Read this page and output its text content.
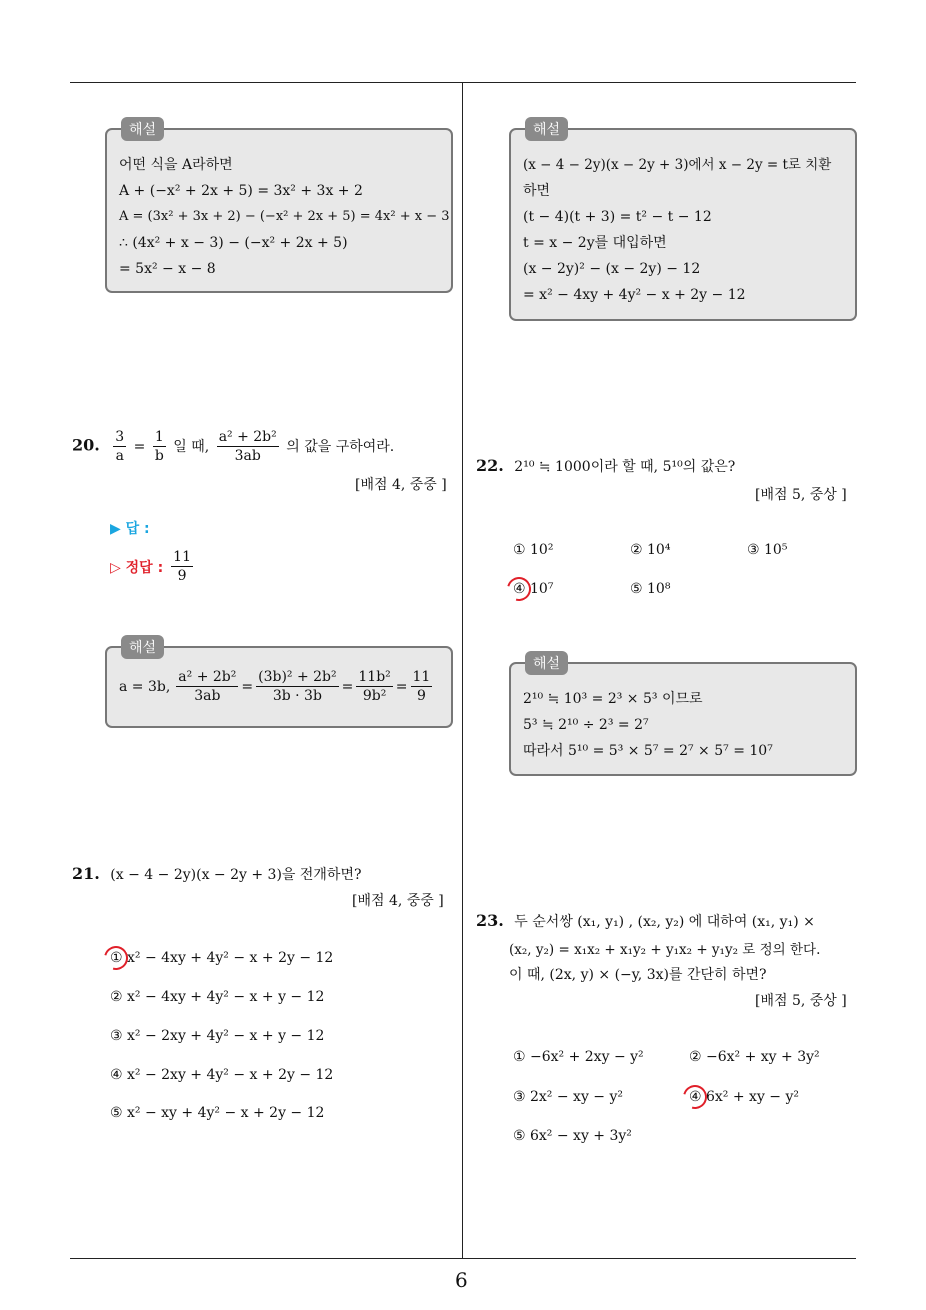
해설
어떤 식을 A라하면
A + (−x² + 2x + 5) = 3x² + 3x + 2
A = (3x² + 3x + 2) − (−x² + 2x + 5) = 4x² + x − 3
∴ (4x² + x − 3) − (−x² + 2x + 5)
= 5x² − x − 8
20. $\frac{3}{a} = \frac{1}{b}$ 일 때, $\frac{\text{a² + 2b²}}{3ab}$ 의 값을 구하여라.
[배점 4, 중중 ]
▶ 답 :
▷ 정답 : $\frac{11}{9}$
해설
a = 3b, $\frac{\text{a² + 2b²}}{3ab} = \frac{\text{(3b)² + 2b²}}{3b \cdot 3b} = \frac{\text{11b²}}{\text{9b²}} = \frac{11}{9}$
21. (x − 4 − 2y)(x − 2y + 3)을 전개하면?
[배점 4, 중중 ]
① x² − 4xy + 4y² − x + 2y − 12
② x² − 4xy + 4y² − x + y − 12
③ x² − 2xy + 4y² − x + y − 12
④ x² − 2xy + 4y² − x + 2y − 12
⑤ x² − xy + 4y² − x + 2y − 12
해설
(x − 4 − 2y)(x − 2y + 3)에서 x − 2y = t로 치환
하면
(t − 4)(t + 3) = t² − t − 12
t = x − 2y를 대입하면
(x − 2y)² − (x − 2y) − 12
= x² − 4xy + 4y² − x + 2y − 12
22. 2¹⁰ ≒ 1000이라 할 때, 5¹⁰의 값은?
[배점 5, 중상 ]
① 10²	② 10⁴	③ 10⁵
④ 10⁷	⑤ 10⁸
해설
2¹⁰ ≒ 10³ = 2³ × 5³ 이므로
5³ ≒ 2¹⁰ ÷ 2³ = 2⁷
따라서 5¹⁰ = 5³ × 5⁷ = 2⁷ × 5⁷ = 10⁷
23. 두 순서쌍 (x₁, y₁) , (x₂, y₂) 에 대하여 (x₁, y₁) ×
(x₂, y₂) = x₁x₂ + x₁y₂ + y₁x₂ + y₁y₂ 로 정의 한다.
이 때, (2x, y) × (−y, 3x)를 간단히 하면?
[배점 5, 중상 ]
① −6x² + 2xy − y²	② −6x² + xy + 3y²
③ 2x² − xy − y²	④ 6x² + xy − y²
⑤ 6x² − xy + 3y²
6
